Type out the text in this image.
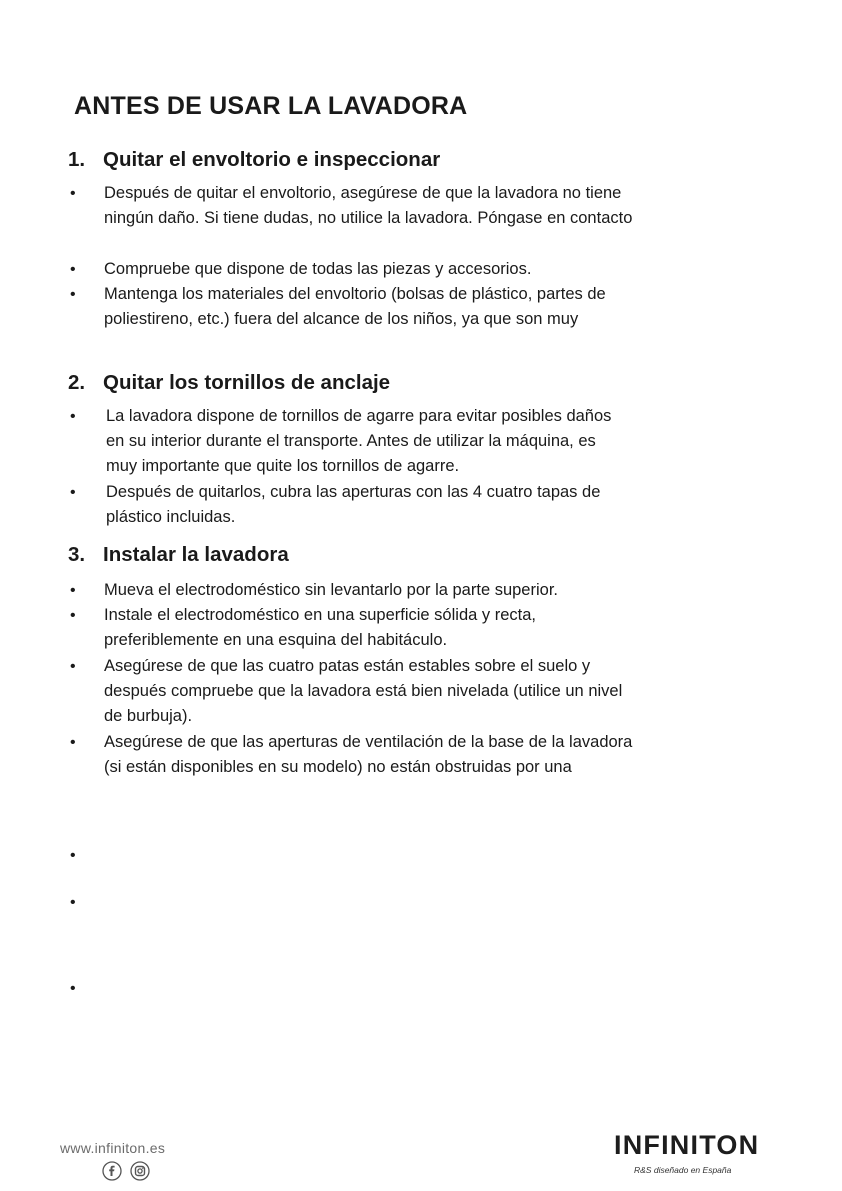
ANTES DE USAR LA LAVADORA
1. Quitar el envoltorio e inspeccionar
• Después de quitar el envoltorio, asegúrese de que la lavadora no tiene
ningún daño. Si tiene dudas, no utilice la lavadora. Póngase en contacto
• Compruebe que dispone de todas las piezas y accesorios.
• Mantenga los materiales del envoltorio (bolsas de plástico, partes de
poliestireno, etc.) fuera del alcance de los niños, ya que son muy
2. Quitar los tornillos de anclaje
• La lavadora dispone de tornillos de agarre para evitar posibles daños
en su interior durante el transporte. Antes de utilizar la máquina, es
muy importante que quite los tornillos de agarre.
• Después de quitarlos, cubra las aperturas con las 4 cuatro tapas de
plástico incluidas.
3. Instalar la lavadora
• Mueva el electrodoméstico sin levantarlo por la parte superior.
• Instale el electrodoméstico en una superficie sólida y recta,
preferiblemente en una esquina del habitáculo.
• Asegúrese de que las cuatro patas están estables sobre el suelo y
después compruebe que la lavadora está bien nivelada (utilice un nivel
de burbuja).
• Asegúrese de que las aperturas de ventilación de la base de la lavadora
(si están disponibles en su modelo) no están obstruidas por una
•
•
•
www.infiniton.es	INFINITON
R&S diseñado en España
